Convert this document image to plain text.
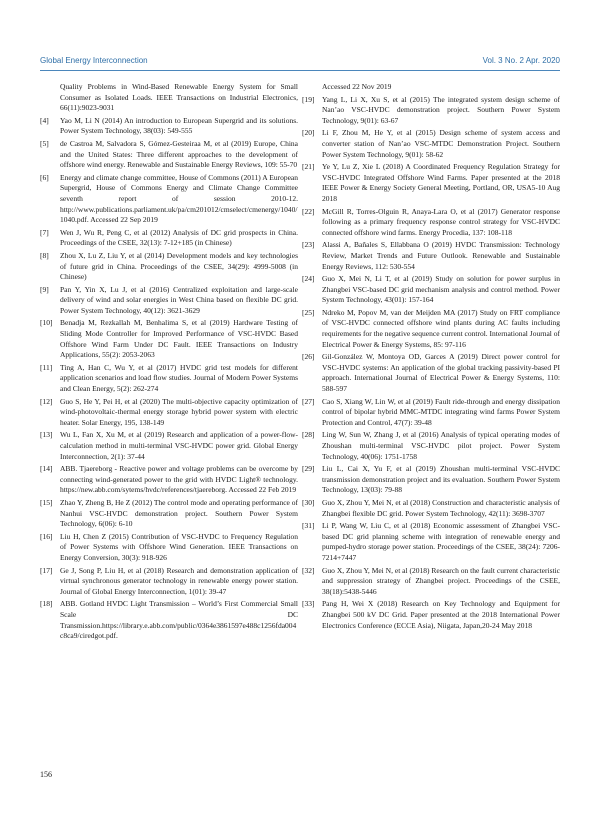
Global Energy Interconnection	Vol. 3 No. 2 Apr. 2020
Quality Problems in Wind-Based Renewable Energy System for Small Consumer as Isolated Loads. IEEE Transactions on Industrial Electronics, 66(11):9023-9031
[4]	Yao M, Li N (2014) An introduction to European Supergrid and its solutions. Power System Technology, 38(03): 549-555
[5]	de Castroa M, Salvadora S, Gómez-Gesteiraa M, et al (2019) Europe, China and the United States: Three different approaches to the development of offshore wind energy. Renewable and Sustainable Energy Reviews, 109: 55-70
[6]	Energy and climate change committee, House of Commons (2011) A European Supergrid, House of Commons Energy and Climate Change Committee seventh report of session 2010-12. http://www.publications.parliament.uk/pa/cm201012/cmselect/cmenergy/1040/1040.pdf. Accessed 22 Sep 2019
[7]	Wen J, Wu R, Peng C, et al (2012) Analysis of DC grid prospects in China. Proceedings of the CSEE, 32(13): 7-12+185 (in Chinese)
[8]	Zhou X, Lu Z, Liu Y, et al (2014) Development models and key technologies of future grid in China. Proceedings of the CSEE, 34(29): 4999-5008 (in Chinese)
[9]	Pan Y, Yin X, Lu J, et al (2016) Centralized exploitation and large-scale delivery of wind and solar energies in West China based on flexible DC grid. Power System Technology, 40(12): 3621-3629
[10]	Benadja M, Rezkallah M, Benhalima S, et al (2019) Hardware Testing of Sliding Mode Controller for Improved Performance of VSC-HVDC Based Offshore Wind Farm Under DC Fault. IEEE Transactions on Industry Applications, 55(2): 2053-2063
[11]	Ting A, Han C, Wu Y, et al (2017) HVDC grid test models for different application scenarios and load flow studies. Journal of Modern Power Systems and Clean Energy, 5(2): 262-274
[12]	Guo S, He Y, Pei H, et al (2020) The multi-objective capacity optimization of wind-photovoltaic-thermal energy storage hybrid power system with electric heater. Solar Energy, 195, 138-149
[13]	Wu L, Fan X, Xu M, et al (2019) Research and application of a power-flow-calculation method in multi-terminal VSC-HVDC power grid. Global Energy Interconnection, 2(1): 37-44
[14]	ABB. Tjaereborg - Reactive power and voltage problems can be overcome by connecting wind-generated power to the grid with HVDC Light® technology. https://new.abb.com/sytems/hvdc/references/tjaereborg. Accessed 22 Feb 2019
[15]	Zhao Y, Zheng B, He Z (2012) The control mode and operating performance of Nanhui VSC-HVDC demonstration project. Southern Power System Technology, 6(06): 6-10
[16]	Liu H, Chen Z (2015) Contribution of VSC-HVDC to Frequency Regulation of Power Systems with Offshore Wind Generation. IEEE Transactions on Energy Conversion, 30(3): 918-926
[17]	Ge J, Song P, Liu H, et al (2018) Research and demonstration application of virtual synchronous generator technology in renewable energy power station. Journal of Global Energy Interconnection, 1(01): 39-47
[18]	ABB. Gotland HVDC Light Transmission – World’s First Commercial Small Scale DC Transmission.https://library.e.abb.com/public/0364e3861597e488c1256fda004c8ca9/ciredgot.pdf.
Accessed 22 Nov 2019
[19]	Yang L, Li X, Xu S, et al (2015) The integrated system design scheme of Nan’ao VSC-HVDC demonstration project. Southern Power System Technology, 9(01): 63-67
[20]	Li F, Zhou M, He Y, et al (2015) Design scheme of system access and converter station of Nan’ao VSC-MTDC Demonstration Project. Southern Power System Technology, 9(01): 58-62
[21]	Ye Y, Lu Z, Xie L (2018) A Coordinated Frequency Regulation Strategy for VSC-HVDC Integrated Offshore Wind Farms. Paper presented at the 2018 IEEE Power & Energy Society General Meeting, Portland, OR, USA5-10 Aug 2018
[22]	McGill R, Torres-Olguin R, Anaya-Lara O, et al (2017) Generator response following as a primary frequency response control strategy for VSC-HVDC connected offshore wind farms. Energy Procedia, 137: 108-118
[23]	Alassi A, Bañales S, Ellabbana O (2019) HVDC Transmission: Technology Review, Market Trends and Future Outlook. Renewable and Sustainable Energy Reviews, 112: 530-554
[24]	Guo X, Mei N, Li T, et al (2019) Study on solution for power surplus in Zhangbei VSC-based DC grid mechanism analysis and control method. Power System Technology, 43(01): 157-164
[25]	Ndreko M, Popov M, van der Meijden MA (2017) Study on FRT compliance of VSC-HVDC connected offshore wind plants during AC faults including requirements for the negative sequence current control. International Journal of Electrical Power & Energy Systems, 85: 97-116
[26]	Gil-González W, Montoya OD, Garces A (2019) Direct power control for VSC-HVDC systems: An application of the global tracking passivity-based PI approach. International Journal of Electrical Power & Energy Systems, 110: 588-597
[27]	Cao S, Xiang W, Lin W, et al (2019) Fault ride-through and energy dissipation control of bipolar hybrid MMC-MTDC integrating wind farms Power System Protection and Control, 47(7): 39-48
[28]	Ling W, Sun W, Zhang J, et al (2016) Analysis of typical operating modes of Zhoushan multi-terminal VSC-HVDC pilot project. Power System Technology, 40(06): 1751-1758
[29]	Liu L, Cai X, Yu F, et al (2019) Zhoushan multi-terminal VSC-HVDC transmission demonstration project and its evaluation. Southern Power System Technology, 13(03): 79-88
[30]	Guo X, Zhou Y, Mei N, et al (2018) Construction and characteristic analysis of Zhangbei flexible DC grid. Power System Technology, 42(11): 3698-3707
[31]	Li P, Wang W, Liu C, et al (2018) Economic assessment of Zhangbei VSC-based DC grid planning scheme with integration of renewable energy and pumped-hydro storage power station. Proceedings of the CSEE, 38(24): 7206-7214+7447
[32]	Guo X, Zhou Y, Mei N, et al (2018) Research on the fault current characteristic and suppression strategy of Zhangbei project. Proceedings of the CSEE, 38(18):5438-5446
[33]	Pang H, Wei X (2018) Research on Key Technology and Equipment for Zhangbei 500 kV DC Grid. Paper presented at the 2018 International Power Electronics Conference (ECCE Asia), Niigata, Japan,20-24 May 2018
156
